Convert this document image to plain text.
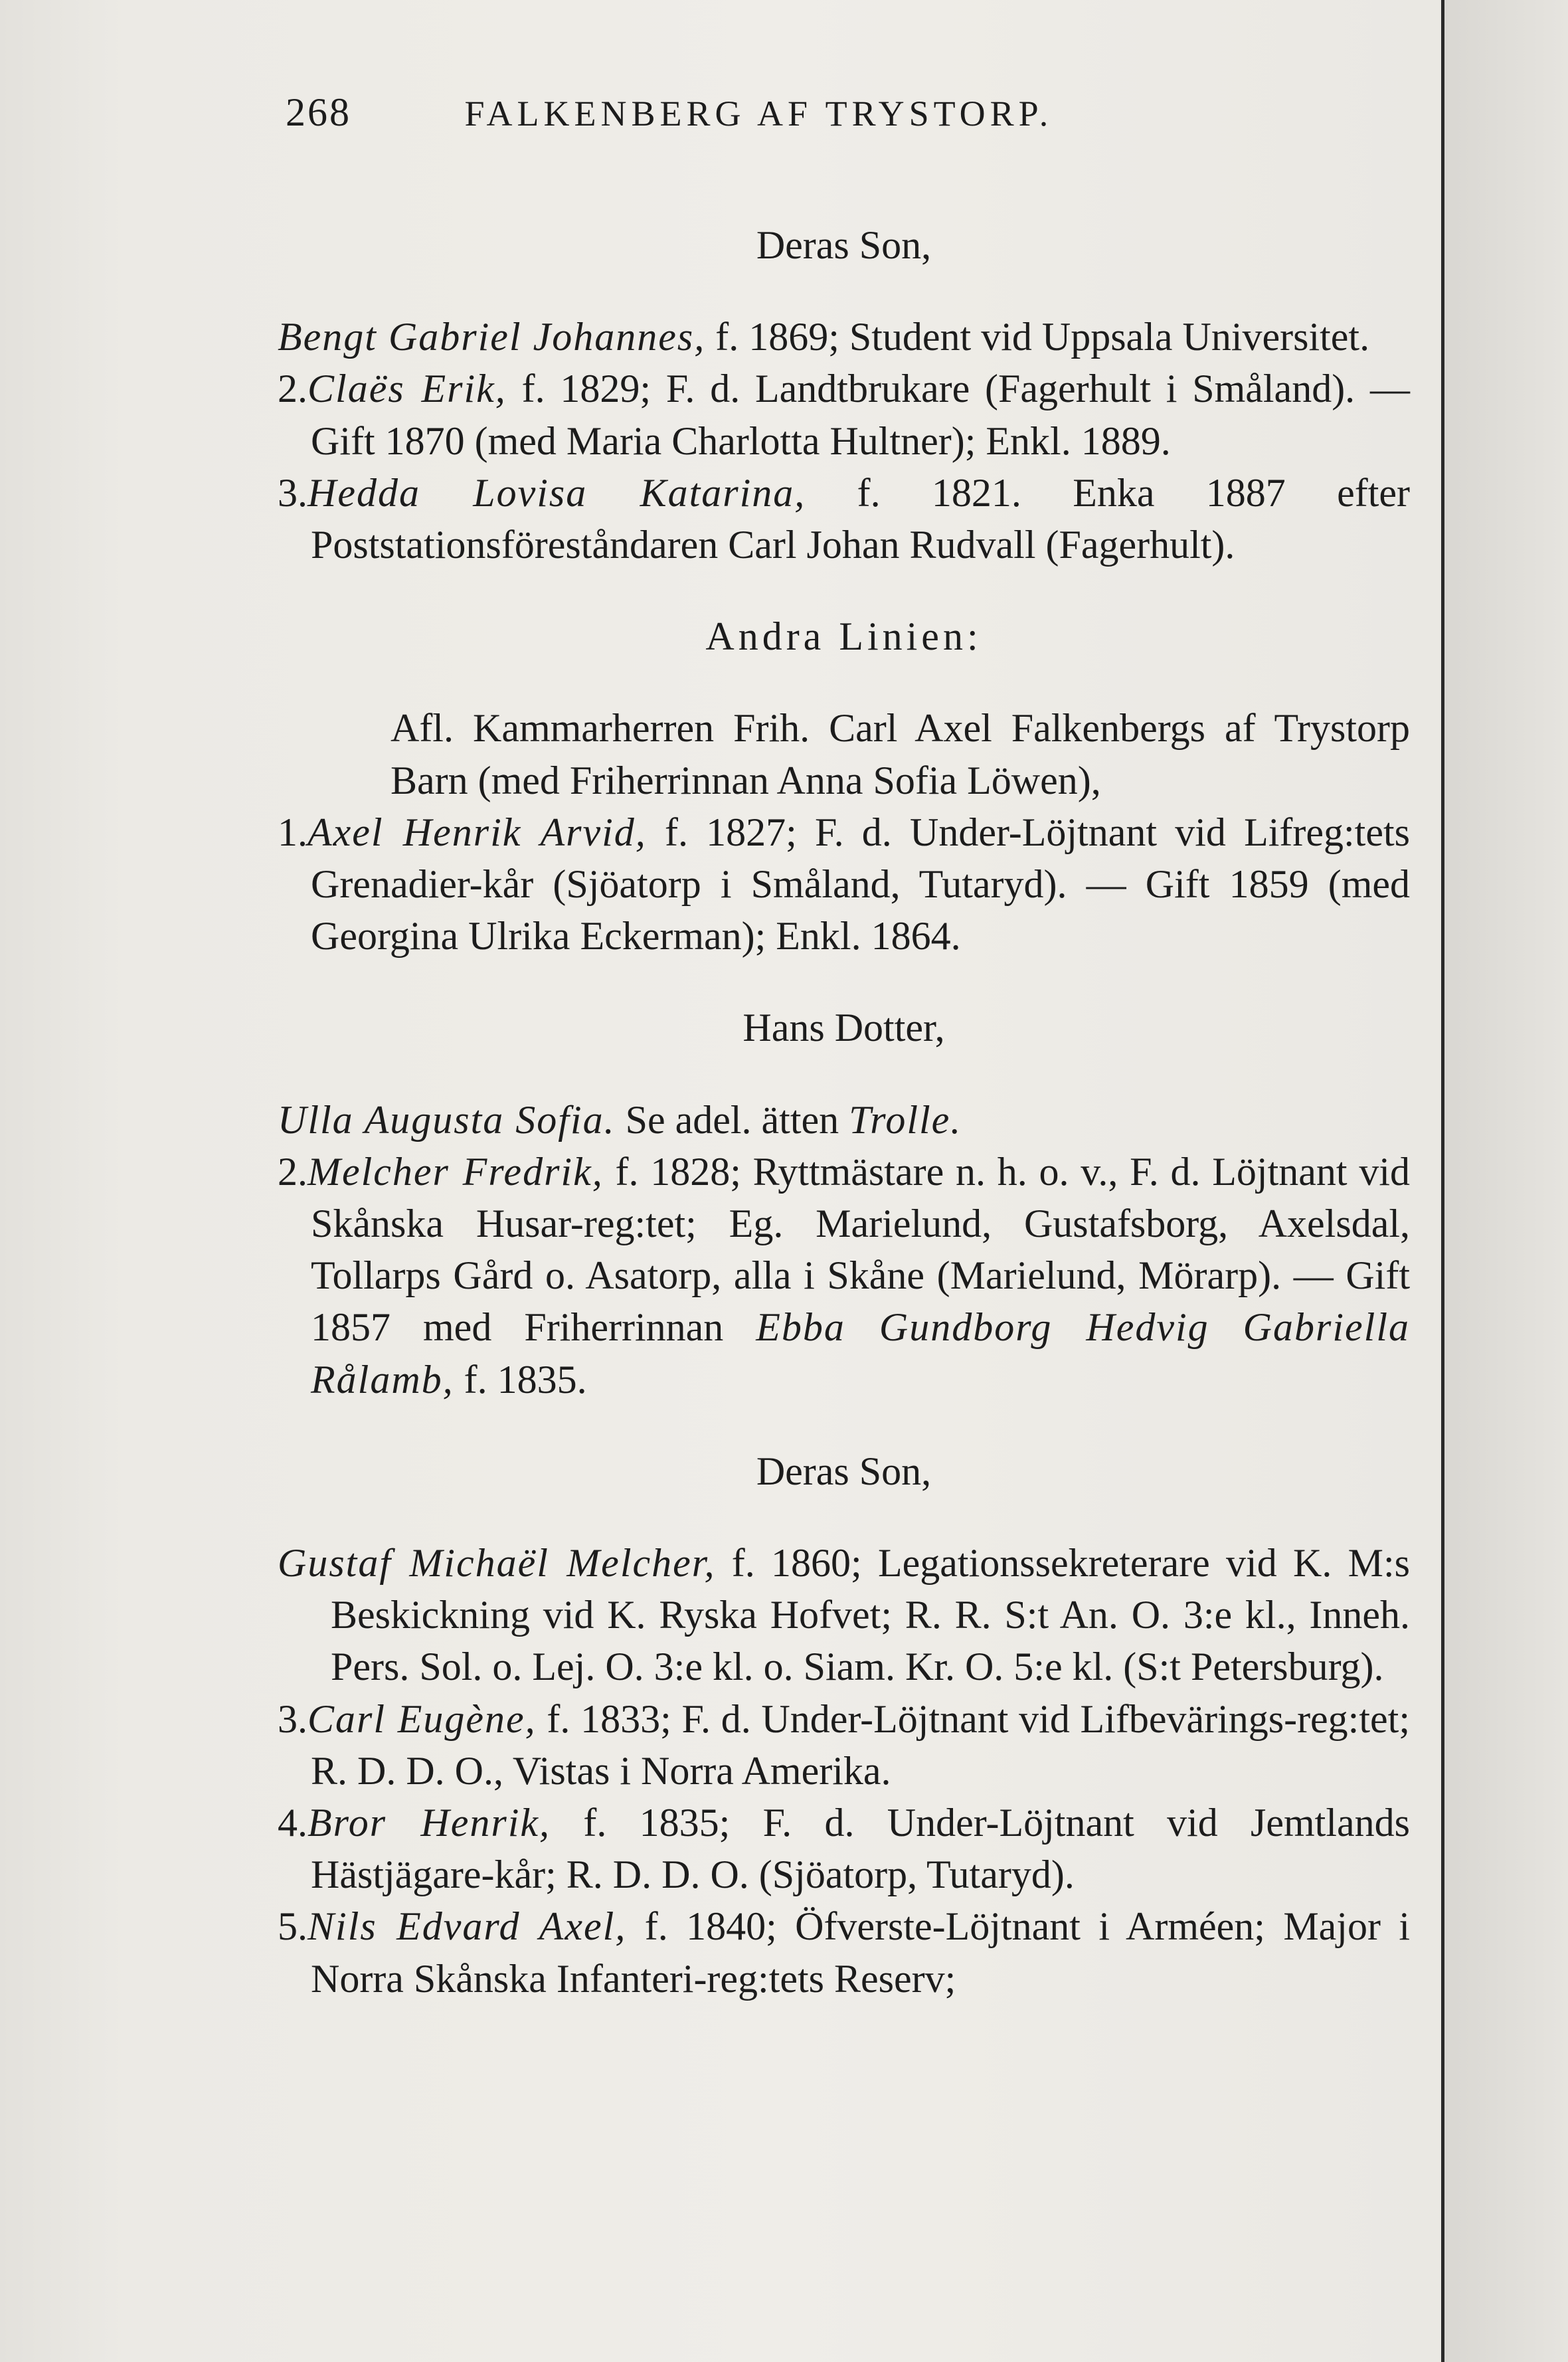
268	FALKENBERG AF TRYSTORP.

Deras Son,

Bengt Gabriel Johannes, f. 1869; Student vid Uppsala Universitet.

2.Claës Erik, f. 1829; F. d. Landtbrukare (Fagerhult i Småland). — Gift 1870 (med Maria Charlotta Hultner); Enkl. 1889.

3.Hedda Lovisa Katarina, f. 1821. Enka 1887 efter Poststationsföreståndaren Carl Johan Rudvall (Fagerhult).

Andra Linien:

Afl. Kammarherren Frih. Carl Axel Falkenbergs af Trystorp Barn (med Friherrinnan Anna Sofia Löwen),

1.Axel Henrik Arvid, f. 1827; F. d. Under-Löjtnant vid Lifreg:tets Grenadier-kår (Sjöatorp i Småland, Tutaryd). — Gift 1859 (med Georgina Ulrika Eckerman); Enkl. 1864.

Hans Dotter,

Ulla Augusta Sofia. Se adel. ätten Trolle.

2.Melcher Fredrik, f. 1828; Ryttmästare n. h. o. v., F. d. Löjtnant vid Skånska Husar-reg:tet; Eg. Marielund, Gustafsborg, Axelsdal, Tollarps Gård o. Asatorp, alla i Skåne (Marielund, Mörarp). — Gift 1857 med Friherrinnan Ebba Gundborg Hedvig Gabriella Rålamb, f. 1835.

Deras Son,

Gustaf Michaël Melcher, f. 1860; Legationssekreterare vid K. M:s Beskickning vid K. Ryska Hofvet; R. R. S:t An. O. 3:e kl., Inneh. Pers. Sol. o. Lej. O. 3:e kl. o. Siam. Kr. O. 5:e kl. (S:t Petersburg).

3.Carl Eugène, f. 1833; F. d. Under-Löjtnant vid Lifbevärings-reg:tet; R. D. D. O., Vistas i Norra Amerika.

4.Bror Henrik, f. 1835; F. d. Under-Löjtnant vid Jemtlands Hästjägare-kår; R. D. D. O. (Sjöatorp, Tutaryd).

5.Nils Edvard Axel, f. 1840; Öfverste-Löjtnant i Arméen; Major i Norra Skånska Infanteri-reg:tets Reserv;
